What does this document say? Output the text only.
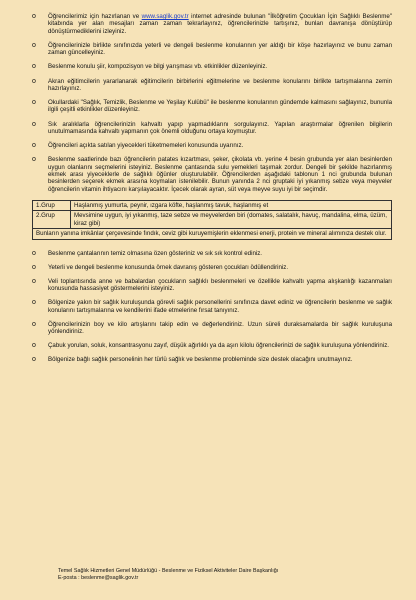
o Öğrencilerimiz için hazırlanan ve www.saglik.gov.tr internet adresinde bulunan "İlköğretim Çocukları İçin Sağlıklı Beslenme" kitabında yer alan mesajları zaman zaman tekrarlayınız, öğrencilerinizle tartışınız, bunları davranışa dönüştürüp dönüştürmediklerini izleyiniz.
o Öğrencilerinizle birlikte sınıfınızda yeterli ve dengeli beslenme konularının yer aldığı bir köşe hazırlayınız ve bunu zaman zaman güncelleyiniz.
o Beslenme konulu şiir, kompozisyon ve bilgi yarışması vb. etkinlikler düzenleyiniz.
o Akran eğitimcilerin yararlanarak eğitimcilerin birbirlerini eğitmelerine ve beslenme konularını birlikte tartışmalarına zemin hazırlayınız.
o Okullardaki "Sağlık, Temizlik, Beslenme ve Yeşilay Kulübü" ile beslenme konularının gündemde kalmasını sağlayınız, bununla ilgili çeşitli etkinlikler düzenleyiniz.
o Sık aralıklarla öğrencilerinizin kahvaltı yapıp yapmadıklarını sorgulayınız. Yapılan araştırmalar öğrenilen bilgilerin unutulmamasında kahvaltı yapmanın çok önemli olduğunu ortaya koymuştur.
o Öğrencileri açıkta satılan yiyecekleri tüketmemeleri konusunda uyarınız.
o Beslenme saatlerinde bazı öğrencilerin patates kızartması, şeker, çikolata vb. yerine 4 besin grubunda yer alan besinlerden uygun olanlarını seçmelerini isteyiniz. Beslenme çantasında sulu yemekleri taşımak zordur. Dengeli bir şekilde hazırlanmış ekmek arası yiyeceklerle de sağlıklı öğünler oluşturulabilir. Öğrencilerden aşağıdaki tablonun 1 nci grubunda bulunan besinlerden seçerek ekmek arasına koymaları istenilebilir. Bunun yanında 2 nci gruptaki iyi yıkanmış sebze veya meyveler öğrencilerin vitamin ihtiyacını karşılayacaktır. İçecek olarak ayran, süt veya meyve suyu iyi bir seçimdir.
1.Grup	Haşlanmış yumurta, peynir, ızgara köfte, haşlanmış tavuk, haşlanmış et
2.Grup	Mevsimine uygun, iyi yıkanmış, taze sebze ve meyvelerden biri (domates, salatalık, havuç, mandalina, elma, üzüm, kiraz gibi)
Bunların yanına imkânlar çerçevesinde fındık, ceviz gibi kuruyemişlerin eklenmesi enerji, protein ve mineral alımınıza destek olur.	
o Beslenme çantalarının temiz olmasına özen gösteriniz ve sık sık kontrol ediniz.
o Yeterli ve dengeli beslenme konusunda örnek davranış gösteren çocukları ödüllendiriniz.
o Veli toplantısında anne ve babalardan çocukların sağlıklı beslenmeleri ve özellikle kahvaltı yapma alışkanlığı kazanmaları konusunda hassasiyet göstermelerini isteyiniz.
o Bölgenize yakın bir sağlık kuruluşunda görevli sağlık personellerini sınıfınıza davet ediniz ve öğrencilerin beslenme ve sağlık konularını tartışmalarına ve kendilerini ifade etmelerine fırsat tanıyınız.
o Öğrencilerinizin boy ve kilo artışlarını takip edin ve değerlendiriniz. Uzun süreli duraksamalarda bir sağlık kuruluşuna yönlendiriniz.
o Çabuk yorulan, soluk, konsantrasyonu zayıf, düşük ağırlıklı ya da aşırı kilolu öğrencilerinizi de sağlık kuruluşuna yönlendiriniz.
o Bölgenize bağlı sağlık personelinin her türlü sağlık ve beslenme probleminde size destek olacağını unutmayınız.
Temel Sağlık Hizmetleri Genel Müdürlüğü - Beslenme ve Fiziksel Aktiviteler Daire Başkanlığı
E-posta : beslenme@saglik.gov.tr
